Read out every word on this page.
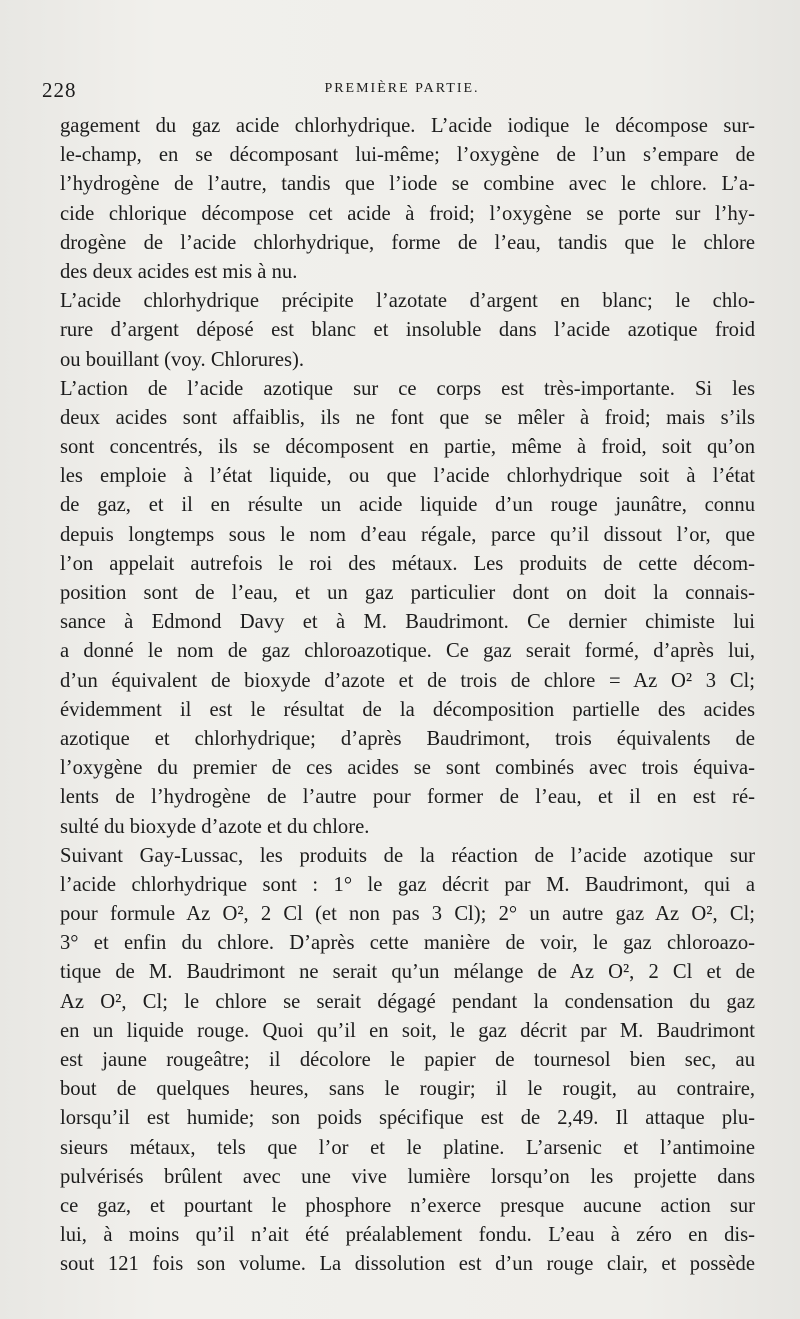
228	PREMIÈRE PARTIE.
gagement du gaz acide chlorhydrique. L’acide iodique le décompose sur-
le-champ, en se décomposant lui-même; l’oxygène de l’un s’empare de
l’hydrogène de l’autre, tandis que l’iode se combine avec le chlore. L’a-
cide chlorique décompose cet acide à froid; l’oxygène se porte sur l’hy-
drogène de l’acide chlorhydrique, forme de l’eau, tandis que le chlore
des deux acides est mis à nu.
L’acide chlorhydrique précipite l’azotate d’argent en blanc; le chlo-
rure d’argent déposé est blanc et insoluble dans l’acide azotique froid
ou bouillant (voy. Chlorures).
L’action de l’acide azotique sur ce corps est très-importante. Si les
deux acides sont affaiblis, ils ne font que se mêler à froid; mais s’ils
sont concentrés, ils se décomposent en partie, même à froid, soit qu’on
les emploie à l’état liquide, ou que l’acide chlorhydrique soit à l’état
de gaz, et il en résulte un acide liquide d’un rouge jaunâtre, connu
depuis longtemps sous le nom d’eau régale, parce qu’il dissout l’or, que
l’on appelait autrefois le roi des métaux. Les produits de cette décom-
position sont de l’eau, et un gaz particulier dont on doit la connais-
sance à Edmond Davy et à M. Baudrimont. Ce dernier chimiste lui
a donné le nom de gaz chloroazotique. Ce gaz serait formé, d’après lui,
d’un équivalent de bioxyde d’azote et de trois de chlore = Az O² 3 Cl;
évidemment il est le résultat de la décomposition partielle des acides
azotique et chlorhydrique; d’après Baudrimont, trois équivalents de
l’oxygène du premier de ces acides se sont combinés avec trois équiva-
lents de l’hydrogène de l’autre pour former de l’eau, et il en est ré-
sulté du bioxyde d’azote et du chlore.
Suivant Gay-Lussac, les produits de la réaction de l’acide azotique sur
l’acide chlorhydrique sont : 1° le gaz décrit par M. Baudrimont, qui a
pour formule Az O², 2 Cl (et non pas 3 Cl); 2° un autre gaz Az O², Cl;
3° et enfin du chlore. D’après cette manière de voir, le gaz chloroazo-
tique de M. Baudrimont ne serait qu’un mélange de Az O², 2 Cl et de
Az O², Cl; le chlore se serait dégagé pendant la condensation du gaz
en un liquide rouge. Quoi qu’il en soit, le gaz décrit par M. Baudrimont
est jaune rougeâtre; il décolore le papier de tournesol bien sec, au
bout de quelques heures, sans le rougir; il le rougit, au contraire,
lorsqu’il est humide; son poids spécifique est de 2,49. Il attaque plu-
sieurs métaux, tels que l’or et le platine. L’arsenic et l’antimoine
pulvérisés brûlent avec une vive lumière lorsqu’on les projette dans
ce gaz, et pourtant le phosphore n’exerce presque aucune action sur
lui, à moins qu’il n’ait été préalablement fondu. L’eau à zéro en dis-
sout 121 fois son volume. La dissolution est d’un rouge clair, et possède
